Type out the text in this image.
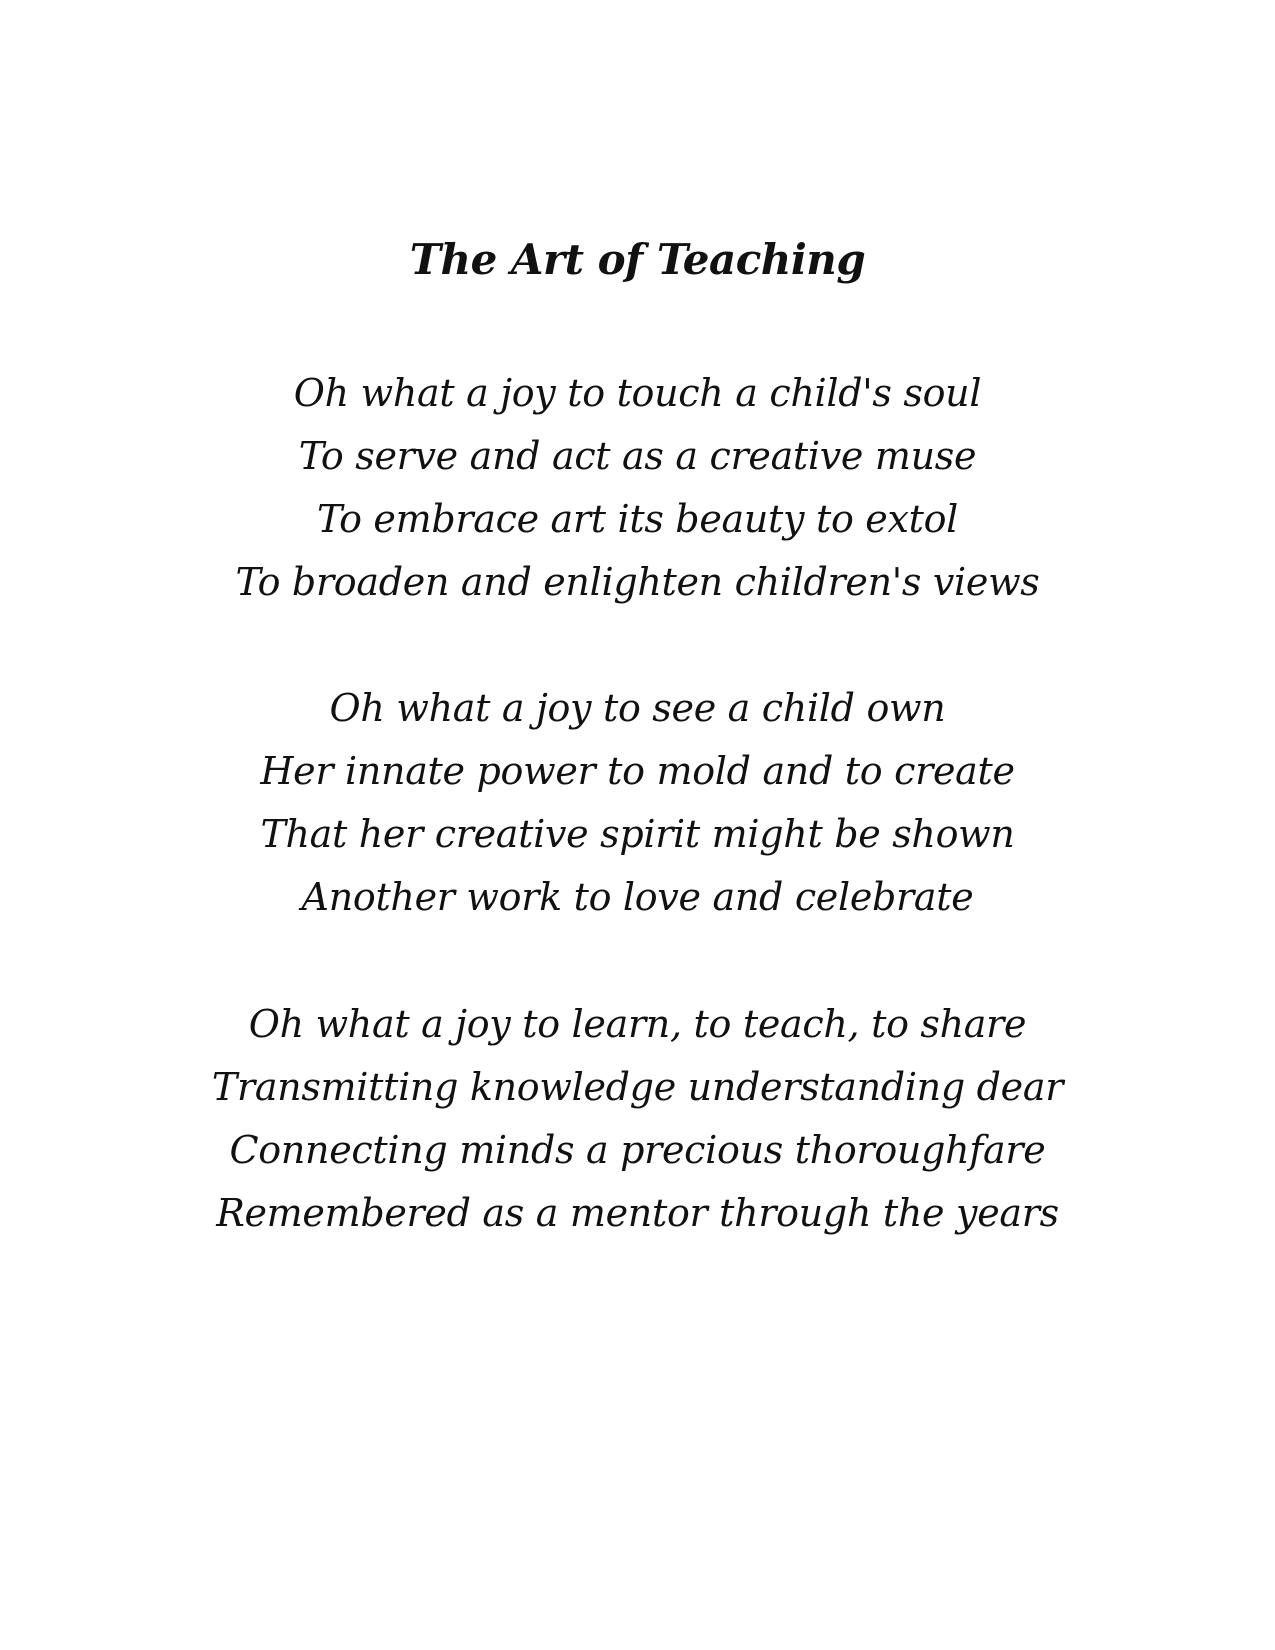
The Art of Teaching
Oh what a joy to touch a child's soul
To serve and act as a creative muse
To embrace art its beauty to extol
To broaden and enlighten children's views
Oh what a joy to see a child own
Her innate power to mold and to create
That her creative spirit might be shown
Another work to love and celebrate
Oh what a joy to learn, to teach, to share
Transmitting knowledge understanding dear
Connecting minds a precious thoroughfare
Remembered as a mentor through the years
